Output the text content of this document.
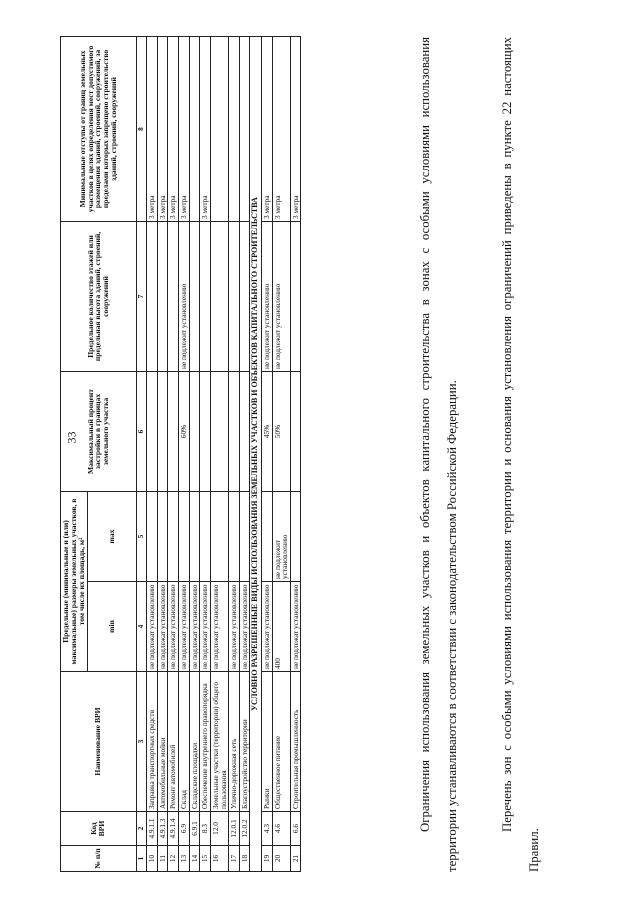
33
№ п/п	Код ВРИ	Наименование ВРИ	Предельные (минимальные и (или) максимальные) размеры земельных участков, в том числе их площадь, м²		Максимальный процент застройки в границах земельного участка	Предельное количество этажей или предельная высота зданий, строений, сооружений	Минимальные отступы от границ земельных участков в целях определения мест допустимого размещения зданий, строений, сооружений, за пределами которых запрещено строительство зданий, строений, сооружений
			min	max			
1	2	3	4	5	6	7	8
10	4.9.1.1	Заправка транспортных средств	не подлежат установлению				3 метра
11	4.9.1.3	Автомобильные мойки	не подлежат установлению				3 метра
12	4.9.1.4	Ремонт автомобилей	не подлежат установлению				3 метра
13	6.9	Склад	не подлежат установлению		60%	не подлежит установлению	3 метра
14	6.9.1	Складские площадки	не подлежат установлению				
15	8.3	Обеспечение внутреннего правопорядка	не подлежат установлению				3 метра
16	12.0	Земельные участки (территории) общего пользования	не подлежат установлению				
17	12.0.1	Улично-дорожная сеть	не подлежат установлению				
18	12.0.2	Благоустройство территории	не подлежат установлению				
УСЛОВНО РАЗРЕШЕННЫЕ ВИДЫ ИСПОЛЬЗОВАНИЯ ЗЕМЕЛЬНЫХ УЧАСТКОВ И ОБЪЕКТОВ КАПИТАЛЬНОГО СТРОИТЕЛЬСТВА							
19	4.3	Рынки	не подлежат установлению		45%	не подлежит установлению	3 метра
20	4.6	Общественное питание	400	не подлежит установлению	50%	не подлежит установлению	3 метра
21	6.6	Строительная промышленность	не подлежат установлению				3 метра	Ограничения использования земельных участков и объектов капитального строительства в зонах с особыми условиями использования территории устанавливаются в соответствии с законодательством Российской Федерации.	Перечень зон с особыми условиями использования территории и основания установления ограничений приведены в пункте 22 настоящих Правил.
